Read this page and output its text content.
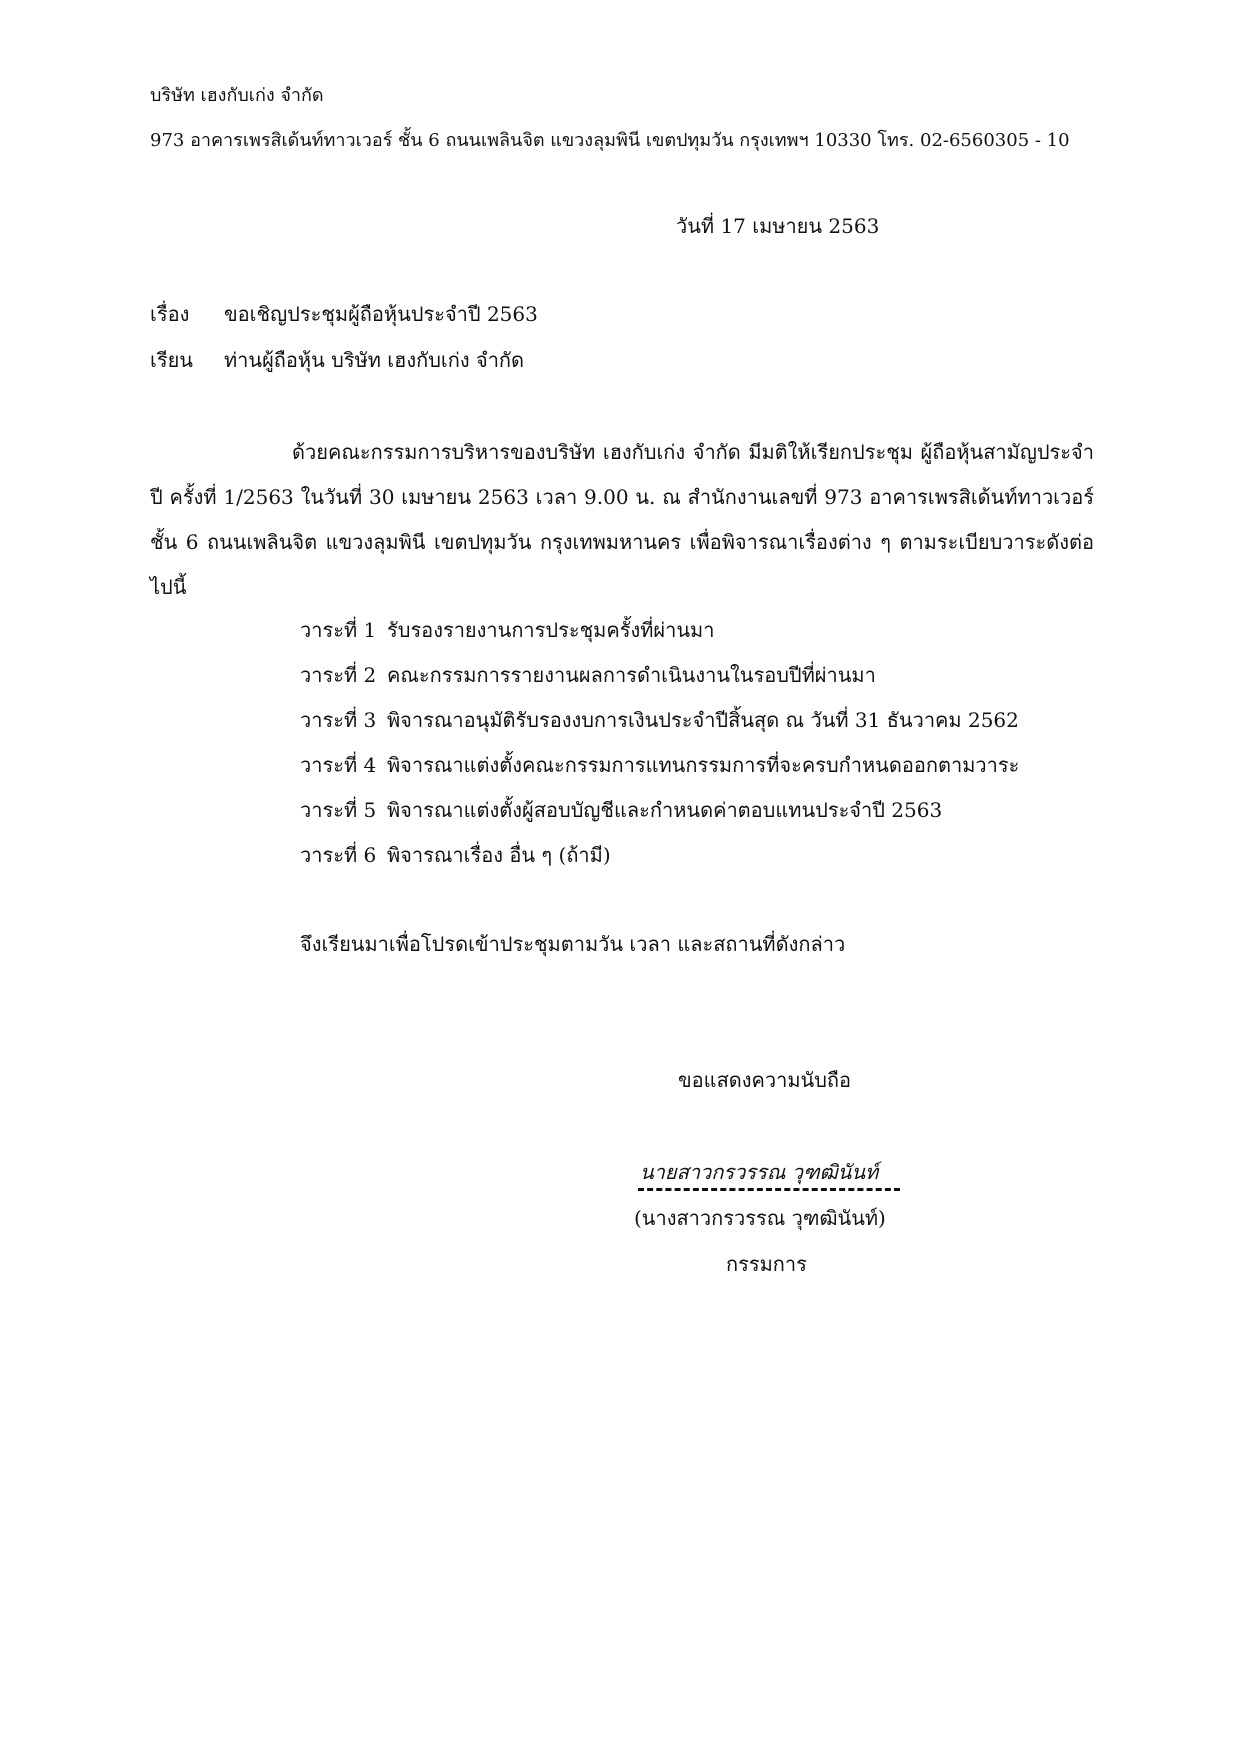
บริษัท เฮงกับเก่ง จำกัด
973 อาคารเพรสิเด้นท์ทาวเวอร์ ชั้น 6 ถนนเพลินจิต แขวงลุมพินี เขตปทุมวัน กรุงเทพฯ 10330 โทร. 02-6560305 - 10
วันที่ 17 เมษายน 2563
เรื่อง ขอเชิญประชุมผู้ถือหุ้นประจำปี 2563
เรียน ท่านผู้ถือหุ้น บริษัท เฮงกับเก่ง จำกัด
ด้วยคณะกรรมการบริหารของบริษัท เฮงกับเก่ง จำกัด มีมติให้เรียกประชุม ผู้ถือหุ้นสามัญประจำปี ครั้งที่ 1/2563 ในวันที่ 30 เมษายน 2563 เวลา 9.00 น. ณ สำนักงานเลขที่ 973 อาคารเพรสิเด้นท์ทาวเวอร์ ชั้น 6 ถนนเพลินจิต แขวงลุมพินี เขตปทุมวัน กรุงเทพมหานคร เพื่อพิจารณาเรื่องต่าง ๆ ตามระเบียบวาระดังต่อไปนี้
วาระที่ 1 รับรองรายงานการประชุมครั้งที่ผ่านมา
วาระที่ 2 คณะกรรมการรายงานผลการดำเนินงานในรอบปีที่ผ่านมา
วาระที่ 3 พิจารณาอนุมัติรับรองงบการเงินประจำปีสิ้นสุด ณ วันที่ 31 ธันวาคม 2562
วาระที่ 4 พิจารณาแต่งตั้งคณะกรรมการแทนกรรมการที่จะครบกำหนดออกตามวาระ
วาระที่ 5 พิจารณาแต่งตั้งผู้สอบบัญชีและกำหนดค่าตอบแทนประจำปี 2563
วาระที่ 6 พิจารณาเรื่อง อื่น ๆ (ถ้ามี)
จึงเรียนมาเพื่อโปรดเข้าประชุมตามวัน เวลา และสถานที่ดังกล่าว
ขอแสดงความนับถือ
นายสาวกรวรรณ วุฑฒินันท์
(นางสาวกรวรรณ วุฑฒินันท์)
กรรมการ
